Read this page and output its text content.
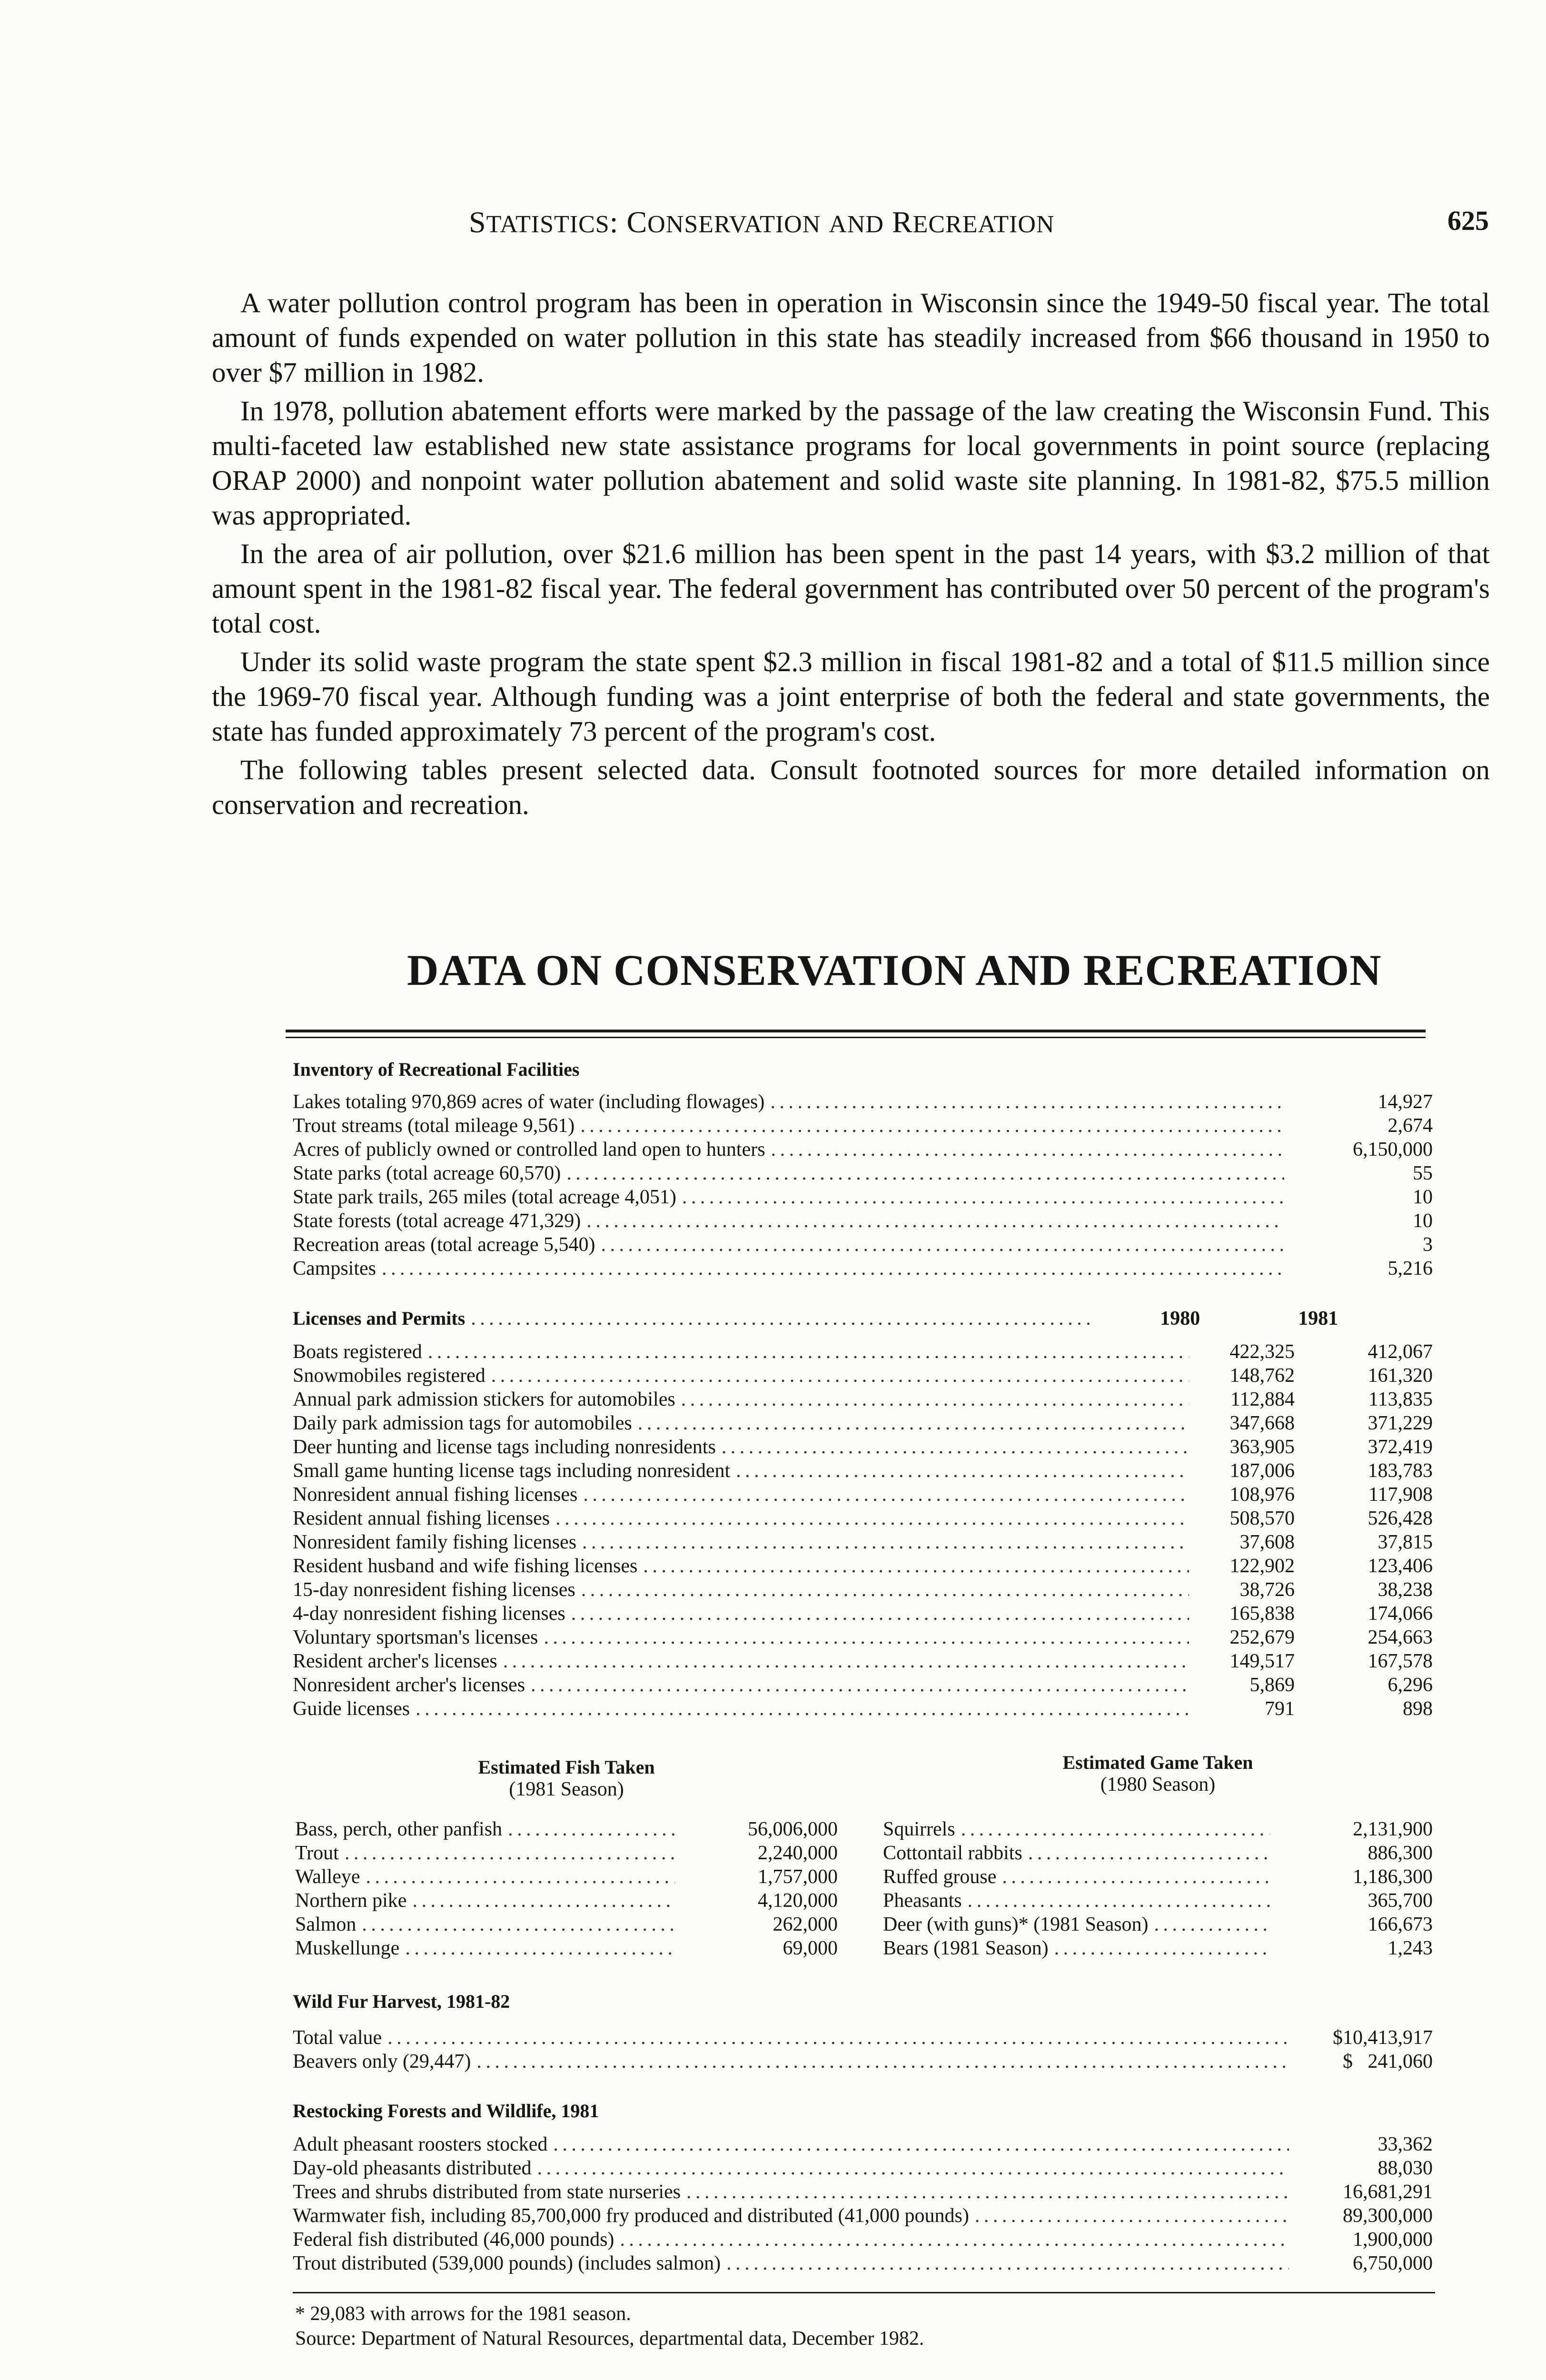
STATISTICS: CONSERVATION AND RECREATION	625

A water pollution control program has been in operation in Wisconsin since the 1949-50 fiscal year. The total amount of funds expended on water pollution in this state has steadily increased from $66 thousand in 1950 to over $7 million in 1982.

In 1978, pollution abatement efforts were marked by the passage of the law creating the Wisconsin Fund. This multi-faceted law established new state assistance programs for local governments in point source (replacing ORAP 2000) and nonpoint water pollution abatement and solid waste site planning. In 1981-82, $75.5 million was appropriated.

In the area of air pollution, over $21.6 million has been spent in the past 14 years, with $3.2 million of that amount spent in the 1981-82 fiscal year. The federal government has contributed over 50 percent of the program's total cost.

Under its solid waste program the state spent $2.3 million in fiscal 1981-82 and a total of $11.5 million since the 1969-70 fiscal year. Although funding was a joint enterprise of both the federal and state governments, the state has funded approximately 73 percent of the program's cost.

The following tables present selected data. Consult footnoted sources for more detailed information on conservation and recreation.

DATA ON CONSERVATION AND RECREATION
Inventory of Recreational Facilities
Lakes totaling 970,869 acres of water (including flowages) . . .	14,927
Trout streams (total mileage 9,561) . . .	2,674
Acres of publicly owned or controlled land open to hunters . . .	6,150,000
State parks (total acreage 60,570) . . .	55
State park trails, 265 miles (total acreage 4,051) . . .	10
State forests (total acreage 471,329) . . .	10
Recreation areas (total acreage 5,540) . . .	3
Campsites . . .	5,216
Licenses and Permits . . .	1980	1981
Boats registered . . .	422,325	412,067
Snowmobiles registered . . .	148,762	161,320
Annual park admission stickers for automobiles . . .	112,884	113,835
Daily park admission tags for automobiles . . .	347,668	371,229
Deer hunting and license tags including nonresidents . . .	363,905	372,419
Small game hunting license tags including nonresident . . .	187,006	183,783
Nonresident annual fishing licenses . . .	108,976	117,908
Resident annual fishing licenses . . .	508,570	526,428
Nonresident family fishing licenses . . .	37,608	37,815
Resident husband and wife fishing licenses . . .	122,902	123,406
15-day nonresident fishing licenses . . .	38,726	38,238
4-day nonresident fishing licenses . . .	165,838	174,066
Voluntary sportsman's licenses . . .	252,679	254,663
Resident archer's licenses . . .	149,517	167,578
Nonresident archer's licenses . . .	5,869	6,296
Guide licenses . . .	791	898
Estimated Fish Taken
(1981 Season)
Bass, perch, other panfish . . .	56,006,000
Trout . . .	2,240,000
Walleye . . .	1,757,000
Northern pike . . .	4,120,000
Salmon . . .	262,000
Muskellunge . . .	69,000
Estimated Game Taken
(1980 Season)
Squirrels . . .	2,131,900
Cottontail rabbits . . .	886,300
Ruffed grouse . . .	1,186,300
Pheasants . . .	365,700
Deer (with guns)* (1981 Season) . . .	166,673
Bears (1981 Season) . . .	1,243
Wild Fur Harvest, 1981-82
Total value . . .	$10,413,917
Beavers only (29,447) . . .	$   241,060
Restocking Forests and Wildlife, 1981
Adult pheasant roosters stocked . . .	33,362
Day-old pheasants distributed . . .	88,030
Trees and shrubs distributed from state nurseries . . .	16,681,291
Warmwater fish, including 85,700,000 fry produced and distributed (41,000 pounds) . . .	89,300,000
Federal fish distributed (46,000 pounds) . . .	1,900,000
Trout distributed (539,000 pounds) (includes salmon) . . .	6,750,000
* 29,083 with arrows for the 1981 season.
Source: Department of Natural Resources, departmental data, December 1982.
